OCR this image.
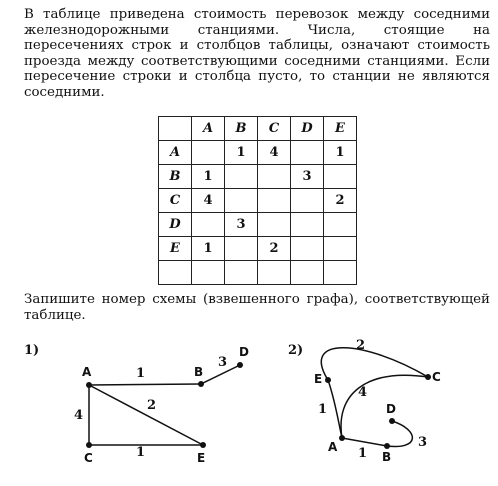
В таблице приведена стоимость перевозок между соседними железнодорожными станциями. Числа, стоящие на пересечениях строк и столбцов таблицы, означают стоимость проезда между соответствующими соседними станциями. Если пересечение строки и столбца пусто, то станции не являются соседними.
	A	B	C	D	E
A		1	4		1
B	1			3	
C	4				2
D		3			
E	1		2		

Запишите номер схемы (взвешенного графа), соответствующей таблице.
1)
A	B
D
C	E
1
3
4
2
1
2)
E	C
A
B
D
2
4
1
1
3
